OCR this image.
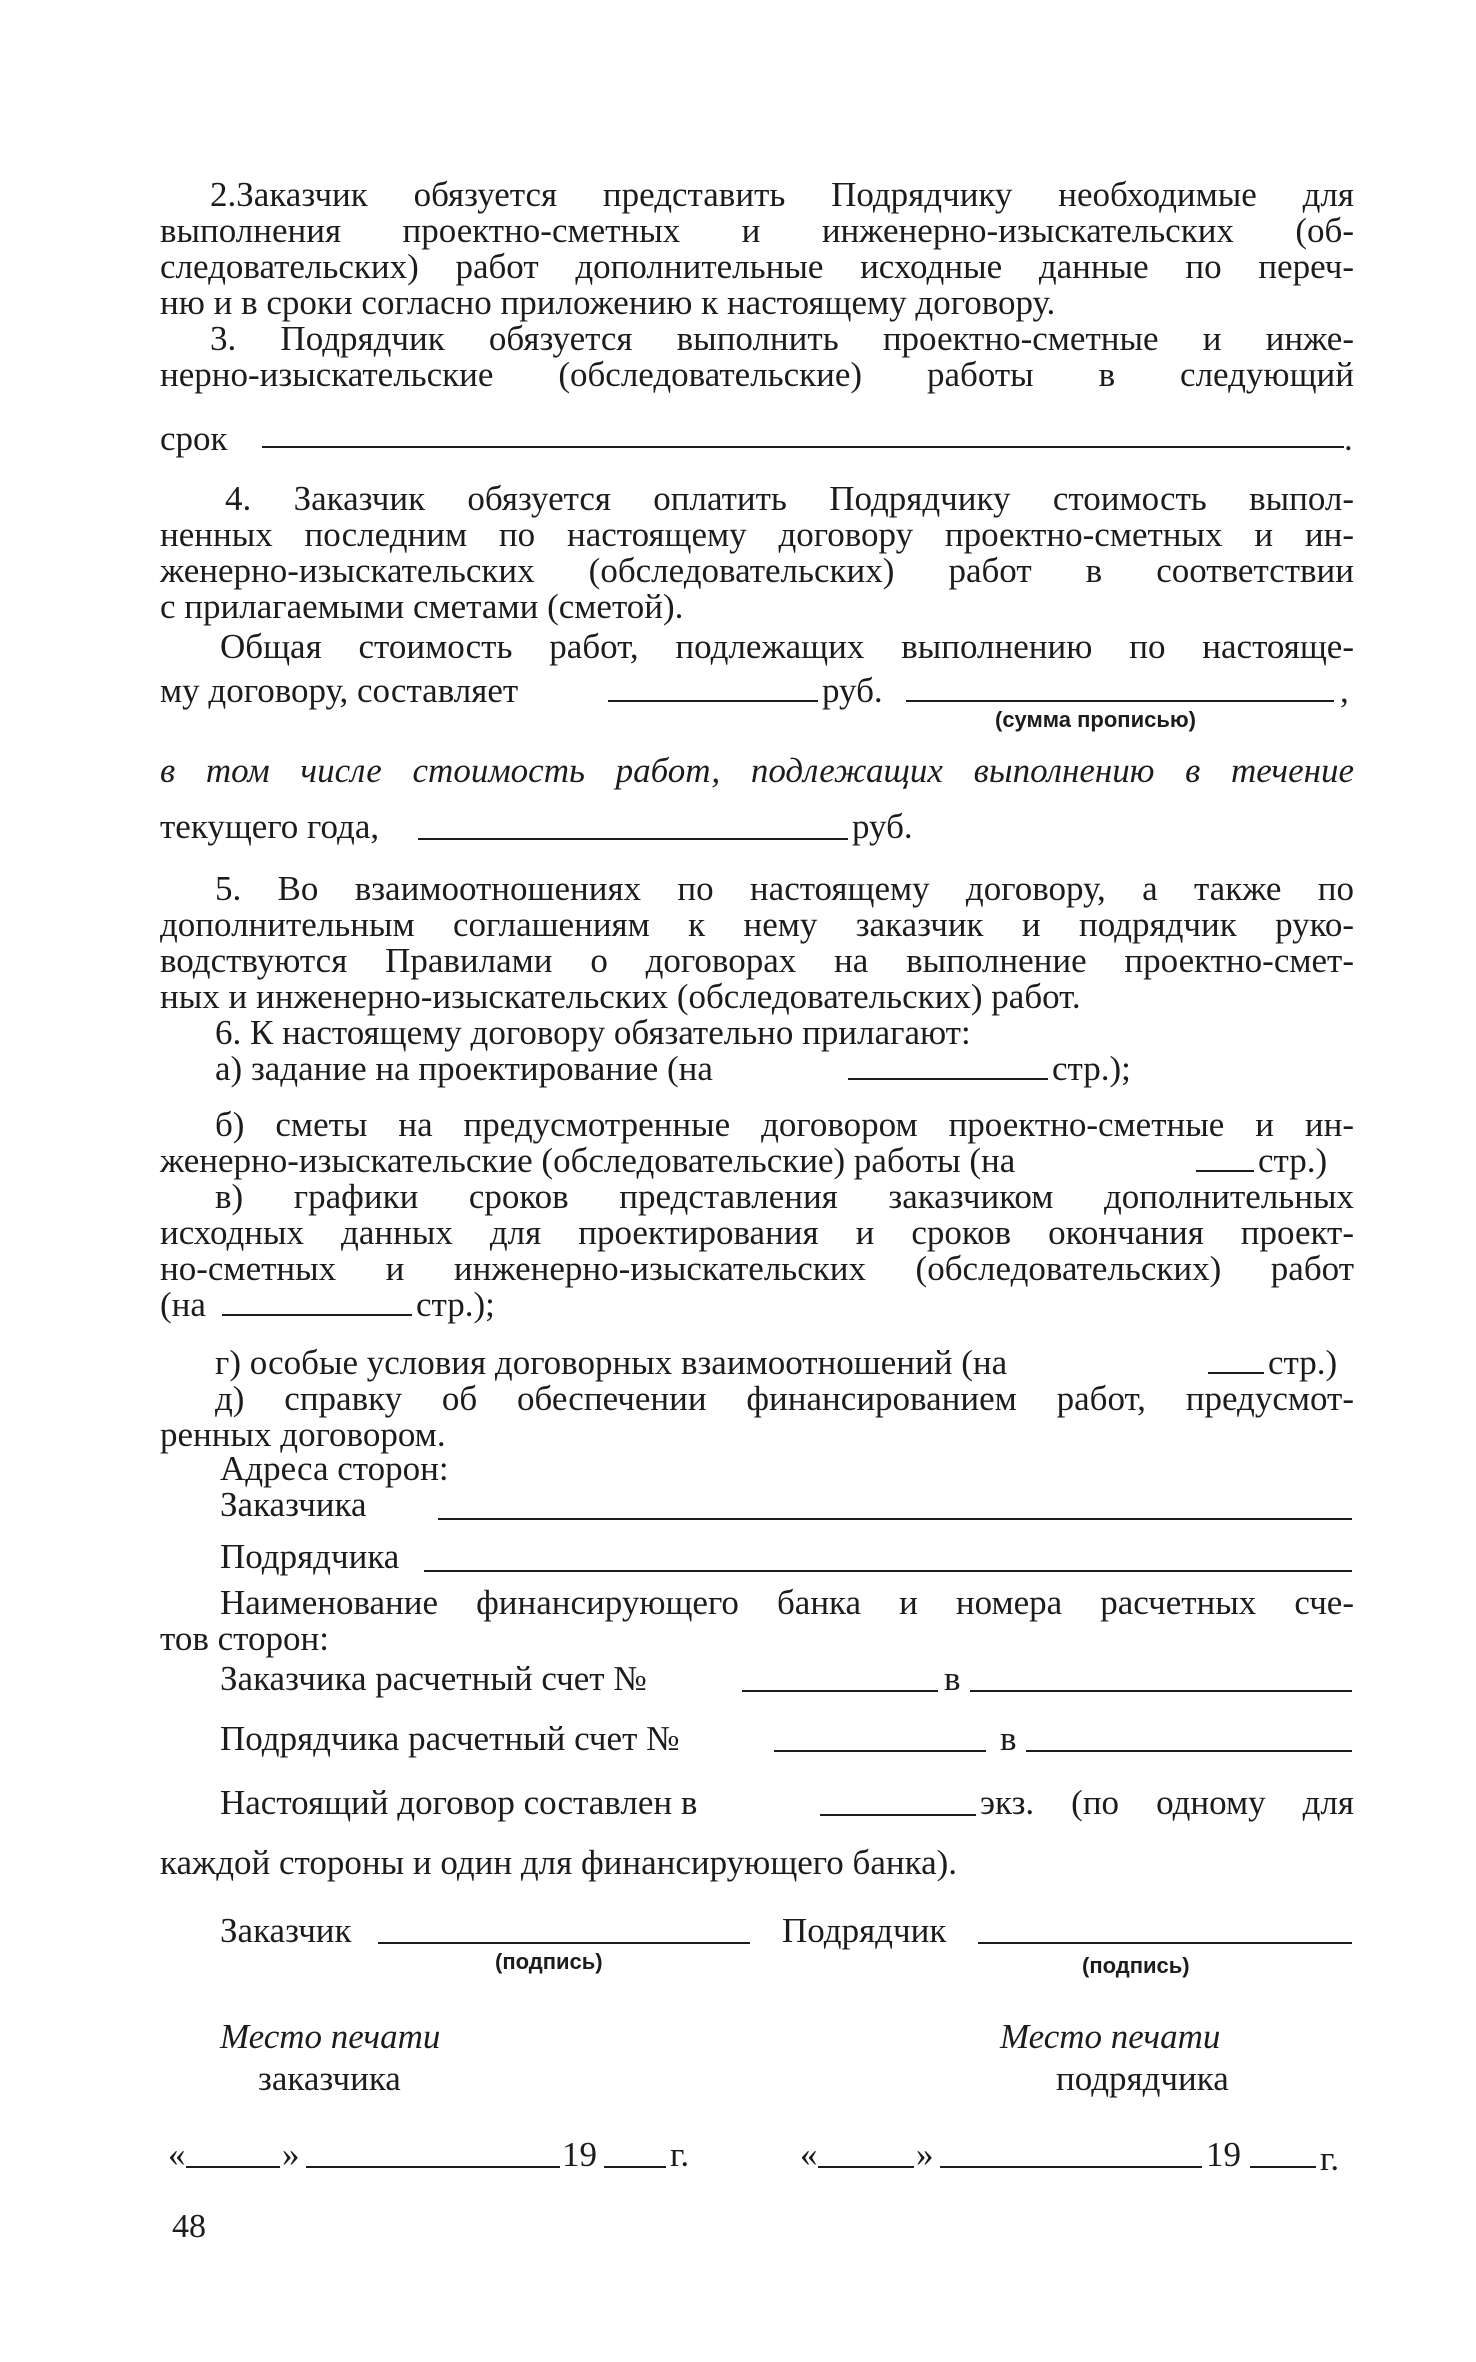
2.Заказчик обязуется представить Подрядчику необходимые для
выполнения проектно-сметных и инженерно-изыскательских (об-
следовательских) работ дополнительные исходные данные по переч-
ню и в сроки согласно приложению к настоящему договору.
3. Подрядчик обязуется выполнить проектно-сметные и инже-
нерно-изыскательские (обследовательские) работы в следующий
срок	.
4. Заказчик обязуется оплатить Подрядчику стоимость выпол-
ненных последним по настоящему договору проектно-сметных и ин-
женерно-изыскательских (обследовательских) работ в соответствии
с прилагаемыми сметами (сметой).
Общая стоимость работ, подлежащих выполнению по настояще-
му договору, составляет	руб.	,
(сумма прописью)
в том числе стоимость работ, подлежащих выполнению в течение
текущего года,	руб.
5. Во взаимоотношениях по настоящему договору, а также по
дополнительным соглашениям к нему заказчик и подрядчик руко-
водствуются Правилами о договорах на выполнение проектно-смет-
ных и инженерно-изыскательских (обследовательских) работ.
6. К настоящему договору обязательно прилагают:
а) задание на проектирование (на	стр.);
б) сметы на предусмотренные договором проектно-сметные и ин-
женерно-изыскательские (обследовательские) работы (на	стр.)
в) графики сроков представления заказчиком дополнительных
исходных данных для проектирования и сроков окончания проект-
но-сметных и инженерно-изыскательских (обследовательских) работ
(на	стр.);
г) особые условия договорных взаимоотношений (на	стр.)
д) справку об обеспечении финансированием работ, предусмот-
ренных договором.
Адреса сторон:
Заказчика
Подрядчика
Наименование финансирующего банка и номера расчетных сче-
тов сторон:
Заказчика расчетный счет №	в
Подрядчика расчетный счет №	в
Настоящий договор составлен в	экз. (по одному для
каждой стороны и один для финансирующего банка).
Заказчик
(подпись)
Подрядчик
(подпись)
Место печати
заказчика
Место печати
подрядчика
«	»	19 г.	«	»	19 г.
48
